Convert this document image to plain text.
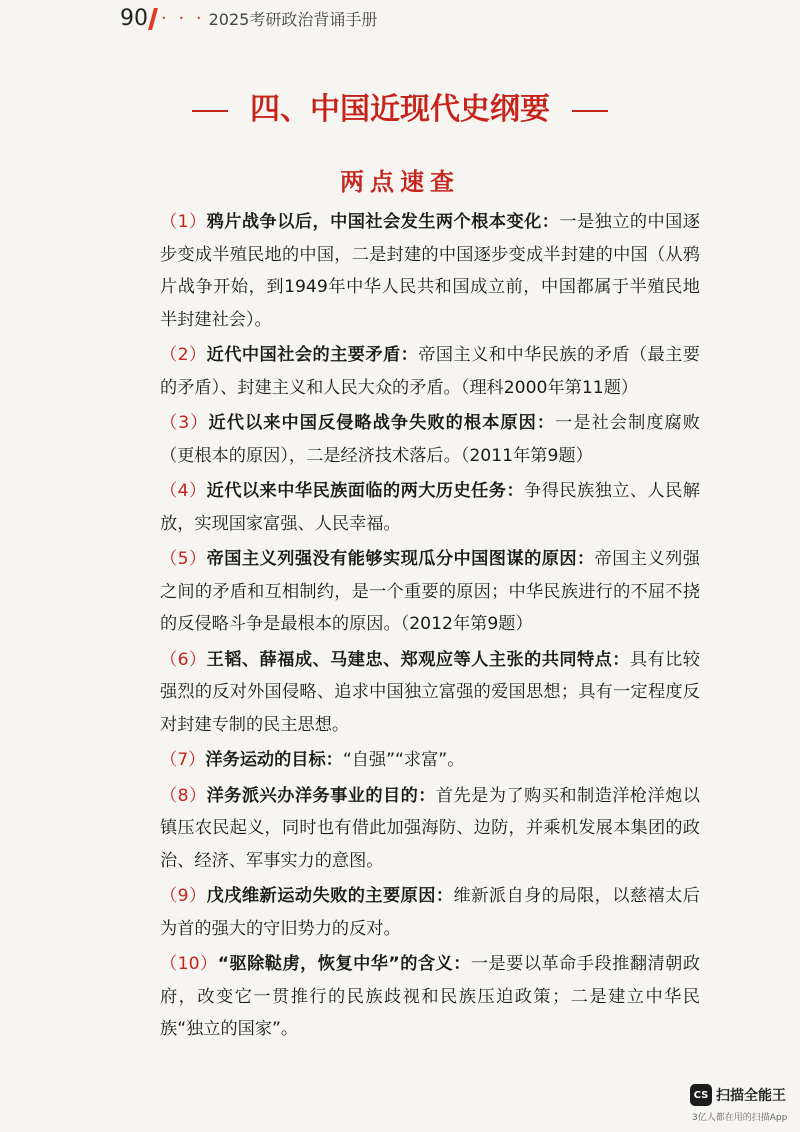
90 · · · 2025考研政治背诵手册
四、中国近现代史纲要
两点速查

（1）鸦片战争以后，中国社会发生两个根本变化：一是独立的中国逐步变成半殖民地的中国，二是封建的中国逐步变成半封建的中国（从鸦片战争开始，到1949年中华人民共和国成立前，中国都属于半殖民地半封建社会）。

（2）近代中国社会的主要矛盾：帝国主义和中华民族的矛盾（最主要的矛盾）、封建主义和人民大众的矛盾。（理科2000年第11题）

（3）近代以来中国反侵略战争失败的根本原因：一是社会制度腐败（更根本的原因），二是经济技术落后。（2011年第9题）

（4）近代以来中华民族面临的两大历史任务：争得民族独立、人民解放，实现国家富强、人民幸福。

（5）帝国主义列强没有能够实现瓜分中国图谋的原因：帝国主义列强之间的矛盾和互相制约，是一个重要的原因；中华民族进行的不屈不挠的反侵略斗争是最根本的原因。（2012年第9题）

（6）王韬、薛福成、马建忠、郑观应等人主张的共同特点：具有比较强烈的反对外国侵略、追求中国独立富强的爱国思想；具有一定程度反对封建专制的民主思想。

（7）洋务运动的目标：“自强”“求富”。

（8）洋务派兴办洋务事业的目的：首先是为了购买和制造洋枪洋炮以镇压农民起义，同时也有借此加强海防、边防，并乘机发展本集团的政治、经济、军事实力的意图。

（9）戊戌维新运动失败的主要原因：维新派自身的局限，以慈禧太后为首的强大的守旧势力的反对。

（10）“驱除鞑虏，恢复中华”的含义：一是要以革命手段推翻清朝政府，改变它一贯推行的民族歧视和民族压迫政策；二是建立中华民族“独立的国家”。

CS 扫描全能王
3亿人都在用的扫描App
